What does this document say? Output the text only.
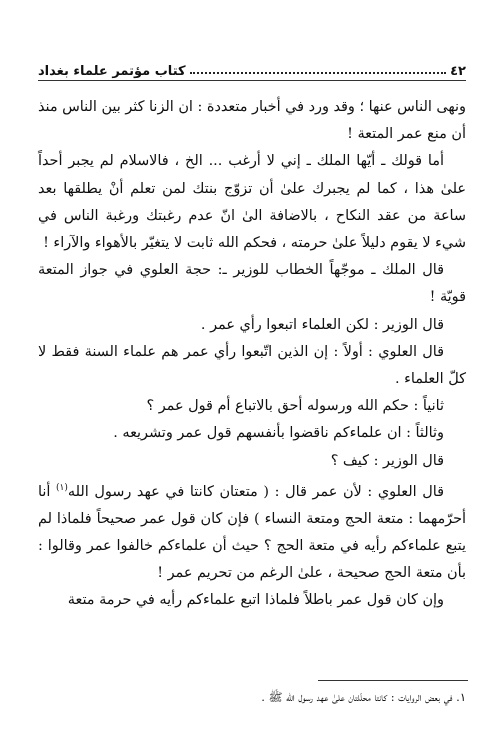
٤٢
كتاب مؤتمر علماء بغداد

ونهى الناس عنها ؛ وقد ورد في أخبار متعددة : ان الزنا كثر بين الناس منذ أن منع عمر المتعة !

أما قولك ـ أيّها الملك ـ إني لا أرغب ... الخ ، فالاسلام لم يجبر أحداً علىٰ هذا ، كما لم يجبرك علىٰ أن تزوّج بنتك لمن تعلم أنْ يطلقها بعد ساعة من عقد النكاح ، بالاضافة الىٰ انّ عدم رغبتك ورغبة الناس في شيء لا يقوم دليلاً علىٰ حرمته ، فحكم الله ثابت لا يتغيّر بالأهواء والآراء !

قال الملك ـ موجّهاً الخطاب للوزير ـ: حجة العلوي في جواز المتعة قويّة !

قال الوزير : لكن العلماء اتبعوا رأي عمر .

قال العلوي : أولاً : إن الذين اتّبعوا رأي عمر هم علماء السنة فقط لا كلّ العلماء .

ثانياً : حكم الله ورسوله أحق بالاتباع أم قول عمر ؟

وثالثاً : ان علماءكم ناقضوا بأنفسهم قول عمر وتشريعه .

قال الوزير : كيف ؟

قال العلوي : لأن عمر قال : ( متعتان كانتا في عهد رسول الله$^{(١)}$ أنا أحرّمهما : متعة الحج ومتعة النساء ) فإن كان قول عمر صحيحاً فلماذا لم يتبع علماءكم رأيه في متعة الحج ؟ حيث أن علماءكم خالفوا عمر وقالوا : بأن متعة الحج صحيحة ، علىٰ الرغم من تحريم عمر !

وإن كان قول عمر باطلاً فلماذا اتبع علماءكم رأيه في حرمة متعة

١. في بعض الروايات : كانتا محلّلتان علىٰ عهد رسول الله ﷺ .
